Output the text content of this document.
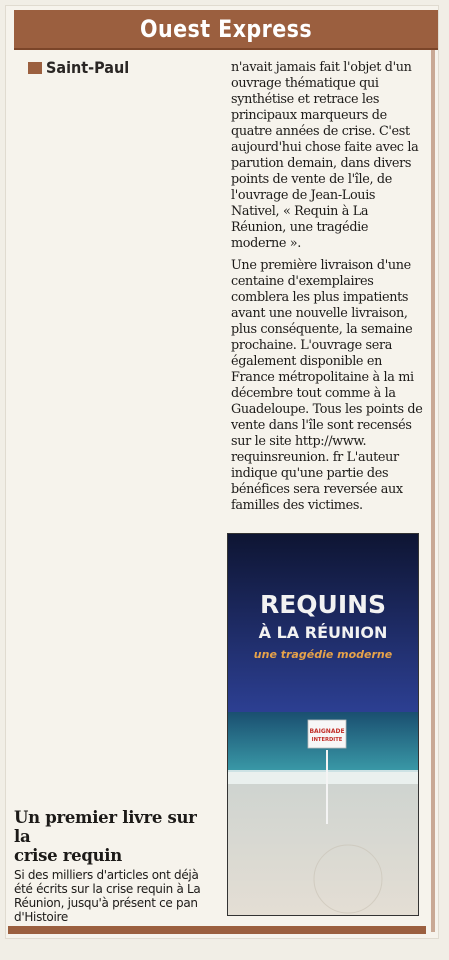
Ouest Express
Saint-Paul	n'avait jamais fait l'objet d'un ouvrage thématique qui synthétise et retrace les principaux marqueurs de quatre années de crise. C'est aujourd'hui chose faite avec la parution demain, dans divers points de vente de l'île, de l'ouvrage de Jean-Louis Nativel, « Requin à La Réunion, une tragédie moderne ».

Une première livraison d'une centaine d'exemplaires comblera les plus impatients avant une nouvelle livraison, plus conséquente, la semaine prochaine. L'ouvrage sera également disponible en France métropolitaine à la mi décembre tout comme à la Guadeloupe. Tous les points de vente dans l'île sont recensés sur le site http://www. requinsreunion. fr L'auteur indique qu'une partie des bénéfices sera reversée aux familles des victimes.

REQUINS
À LA RÉUNION
une tragédie moderne
BAIGNADE
INTERDITE
Un premier livre sur la
crise requin

Si des milliers d'articles ont déjà été écrits sur la crise requin à La Réunion, jusqu'à présent ce pan d'Histoire
